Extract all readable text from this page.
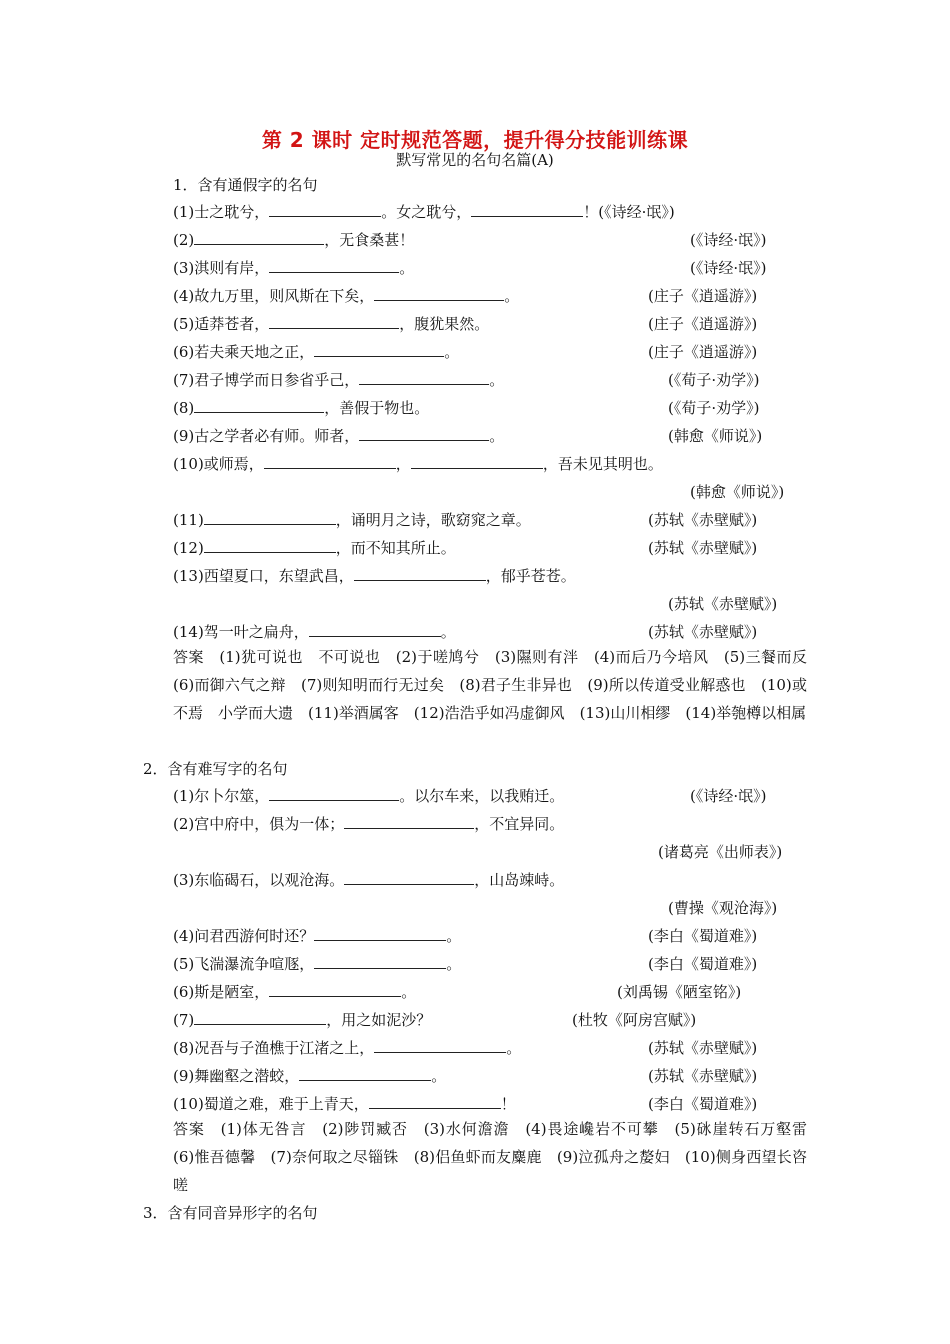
第 2 课时 定时规范答题，提升得分技能训练课
默写常见的名句名篇(A)
1．含有通假字的名句
(1)士之耽兮，	。女之耽兮，	！(《诗经·氓》)
(2)	，无食桑葚！	(《诗经·氓》)
(3)淇则有岸，	。	(《诗经·氓》)
(4)故九万里，则风斯在下矣，	。	(庄子《逍遥游》)
(5)适莽苍者，	，腹犹果然。	(庄子《逍遥游》)
(6)若夫乘天地之正，	。	(庄子《逍遥游》)
(7)君子博学而日参省乎己，	。	(《荀子·劝学》)
(8)	，善假于物也。	(《荀子·劝学》)
(9)古之学者必有师。师者，	。	(韩愈《师说》)
(10)或师焉，	，	，吾未见其明也。
(韩愈《师说》)
(11)	，诵明月之诗，歌窈窕之章。	(苏轼《赤壁赋》)
(12)	，而不知其所止。	(苏轼《赤壁赋》)
(13)西望夏口，东望武昌，	，郁乎苍苍。
(苏轼《赤壁赋》)
(14)驾一叶之扁舟，	。	(苏轼《赤壁赋》)
答案　(1)犹可说也　不可说也　(2)于嗟鸠兮　(3)隰则有泮　(4)而后乃今培风　(5)三餐而反　(6)而御六气之辩　(7)则知明而行无过矣　(8)君子生非异也　(9)所以传道受业解惑也　(10)或不焉　小学而大遗　(11)举酒属客　(12)浩浩乎如冯虚御风　(13)山川相缪　(14)举匏樽以相属
2．含有难写字的名句
(1)尔卜尔筮，	。以尔车来，以我贿迁。	(《诗经·氓》)
(2)宫中府中，俱为一体；	，不宜异同。
(诸葛亮《出师表》)
(3)东临碣石，以观沧海。	，山岛竦峙。
(曹操《观沧海》)
(4)问君西游何时还？	。	(李白《蜀道难》)
(5)飞湍瀑流争喧豗，	。	(李白《蜀道难》)
(6)斯是陋室，	。	(刘禹锡《陋室铭》)
(7)	，用之如泥沙？	(杜牧《阿房宫赋》)
(8)况吾与子渔樵于江渚之上，	。	(苏轼《赤壁赋》)
(9)舞幽壑之潜蛟，	。	(苏轼《赤壁赋》)
(10)蜀道之难，难于上青天，	！	(李白《蜀道难》)
答案　(1)体无咎言　(2)陟罚臧否　(3)水何澹澹　(4)畏途巉岩不可攀　(5)砯崖转石万壑雷　(6)惟吾德馨　(7)奈何取之尽锱铢　(8)侣鱼虾而友麋鹿　(9)泣孤舟之嫠妇　(10)侧身西望长咨嗟
3．含有同音异形字的名句
